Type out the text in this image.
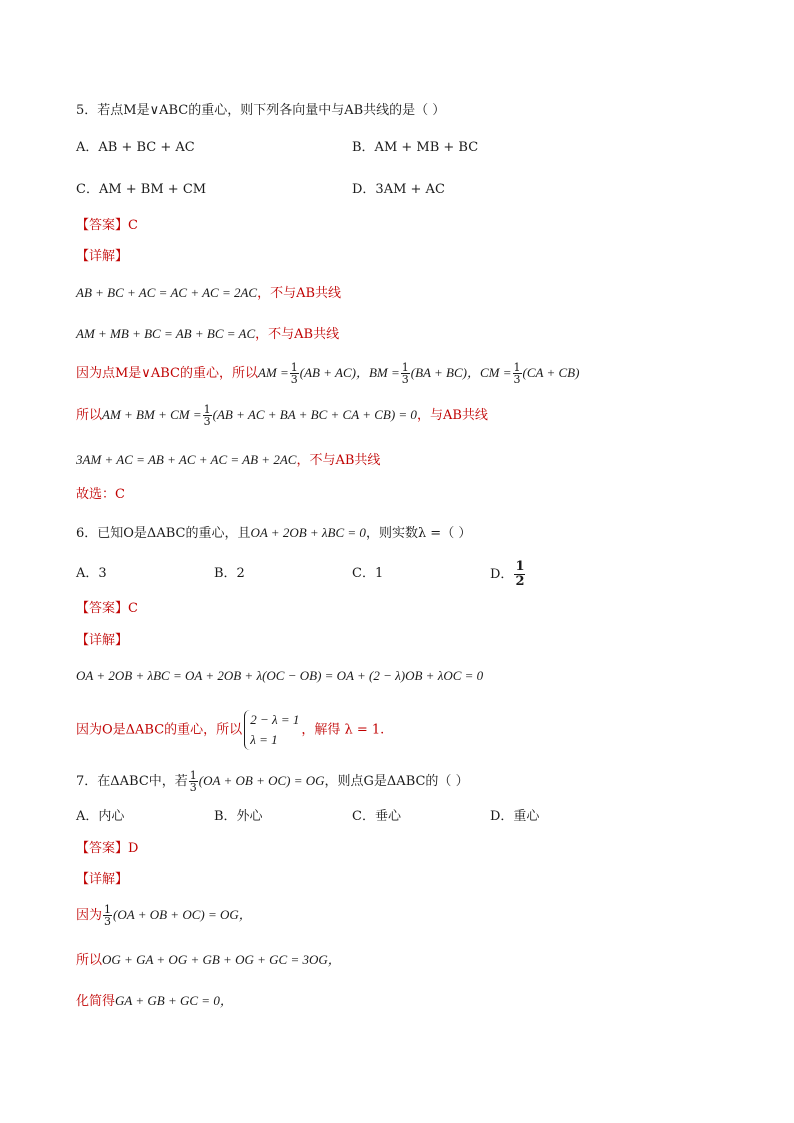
5．若点M是∨ABC的重心，则下列各向量中与AB共线的是（ ）
A．AB + BC + AC	B．AM + MB + BC
C．AM + BM + CM	D．3AM + AC
【答案】C
【详解】
AB + BC + AC = AC + AC = 2AC，不与AB共线
AM + MB + BC = AB + BC = AC，不与AB共线
因为点M是∨ABC的重心，所以AM = $\frac{1}{3} (AB + AC)$，BM = $\frac{1}{3} (BA + BC)$，CM = $\frac{1}{3} (CA + CB)$
所以AM + BM + CM = $\frac{1}{3} (AB$ + AC + BA + BC + CA + CB) = 0，与AB共线
3AM + AC = AB + AC + AC = AB + 2AC，不与AB共线
故选：C
6．已知O是ΔABC的重心，且OA + 2OB + λBC = 0，则实数λ =（ ）
A．3	B．2	C．1	D． $\frac{1}{2}$
【答案】C
【详解】
OA + 2OB + λBC = OA + 2OB + λ(OC − OB) = OA + (2 − λ)OB + λOC = 0
因为O是ΔABC的重心，所以
2 − λ = 1
λ = 1
，解得 λ = 1.
7．在ΔABC中，若 $\frac{1}{3} (OA$ + OB + OC) = OG，则点G是ΔABC的（ ）
A．内心	B．外心	C．垂心	D．重心
【答案】D
【详解】
因为 $\frac{1}{3} (OA$ + OB + OC) = OG，
所以OG + GA + OG + GB + OG + GC = 3OG，
化简得GA + GB + GC = 0，
